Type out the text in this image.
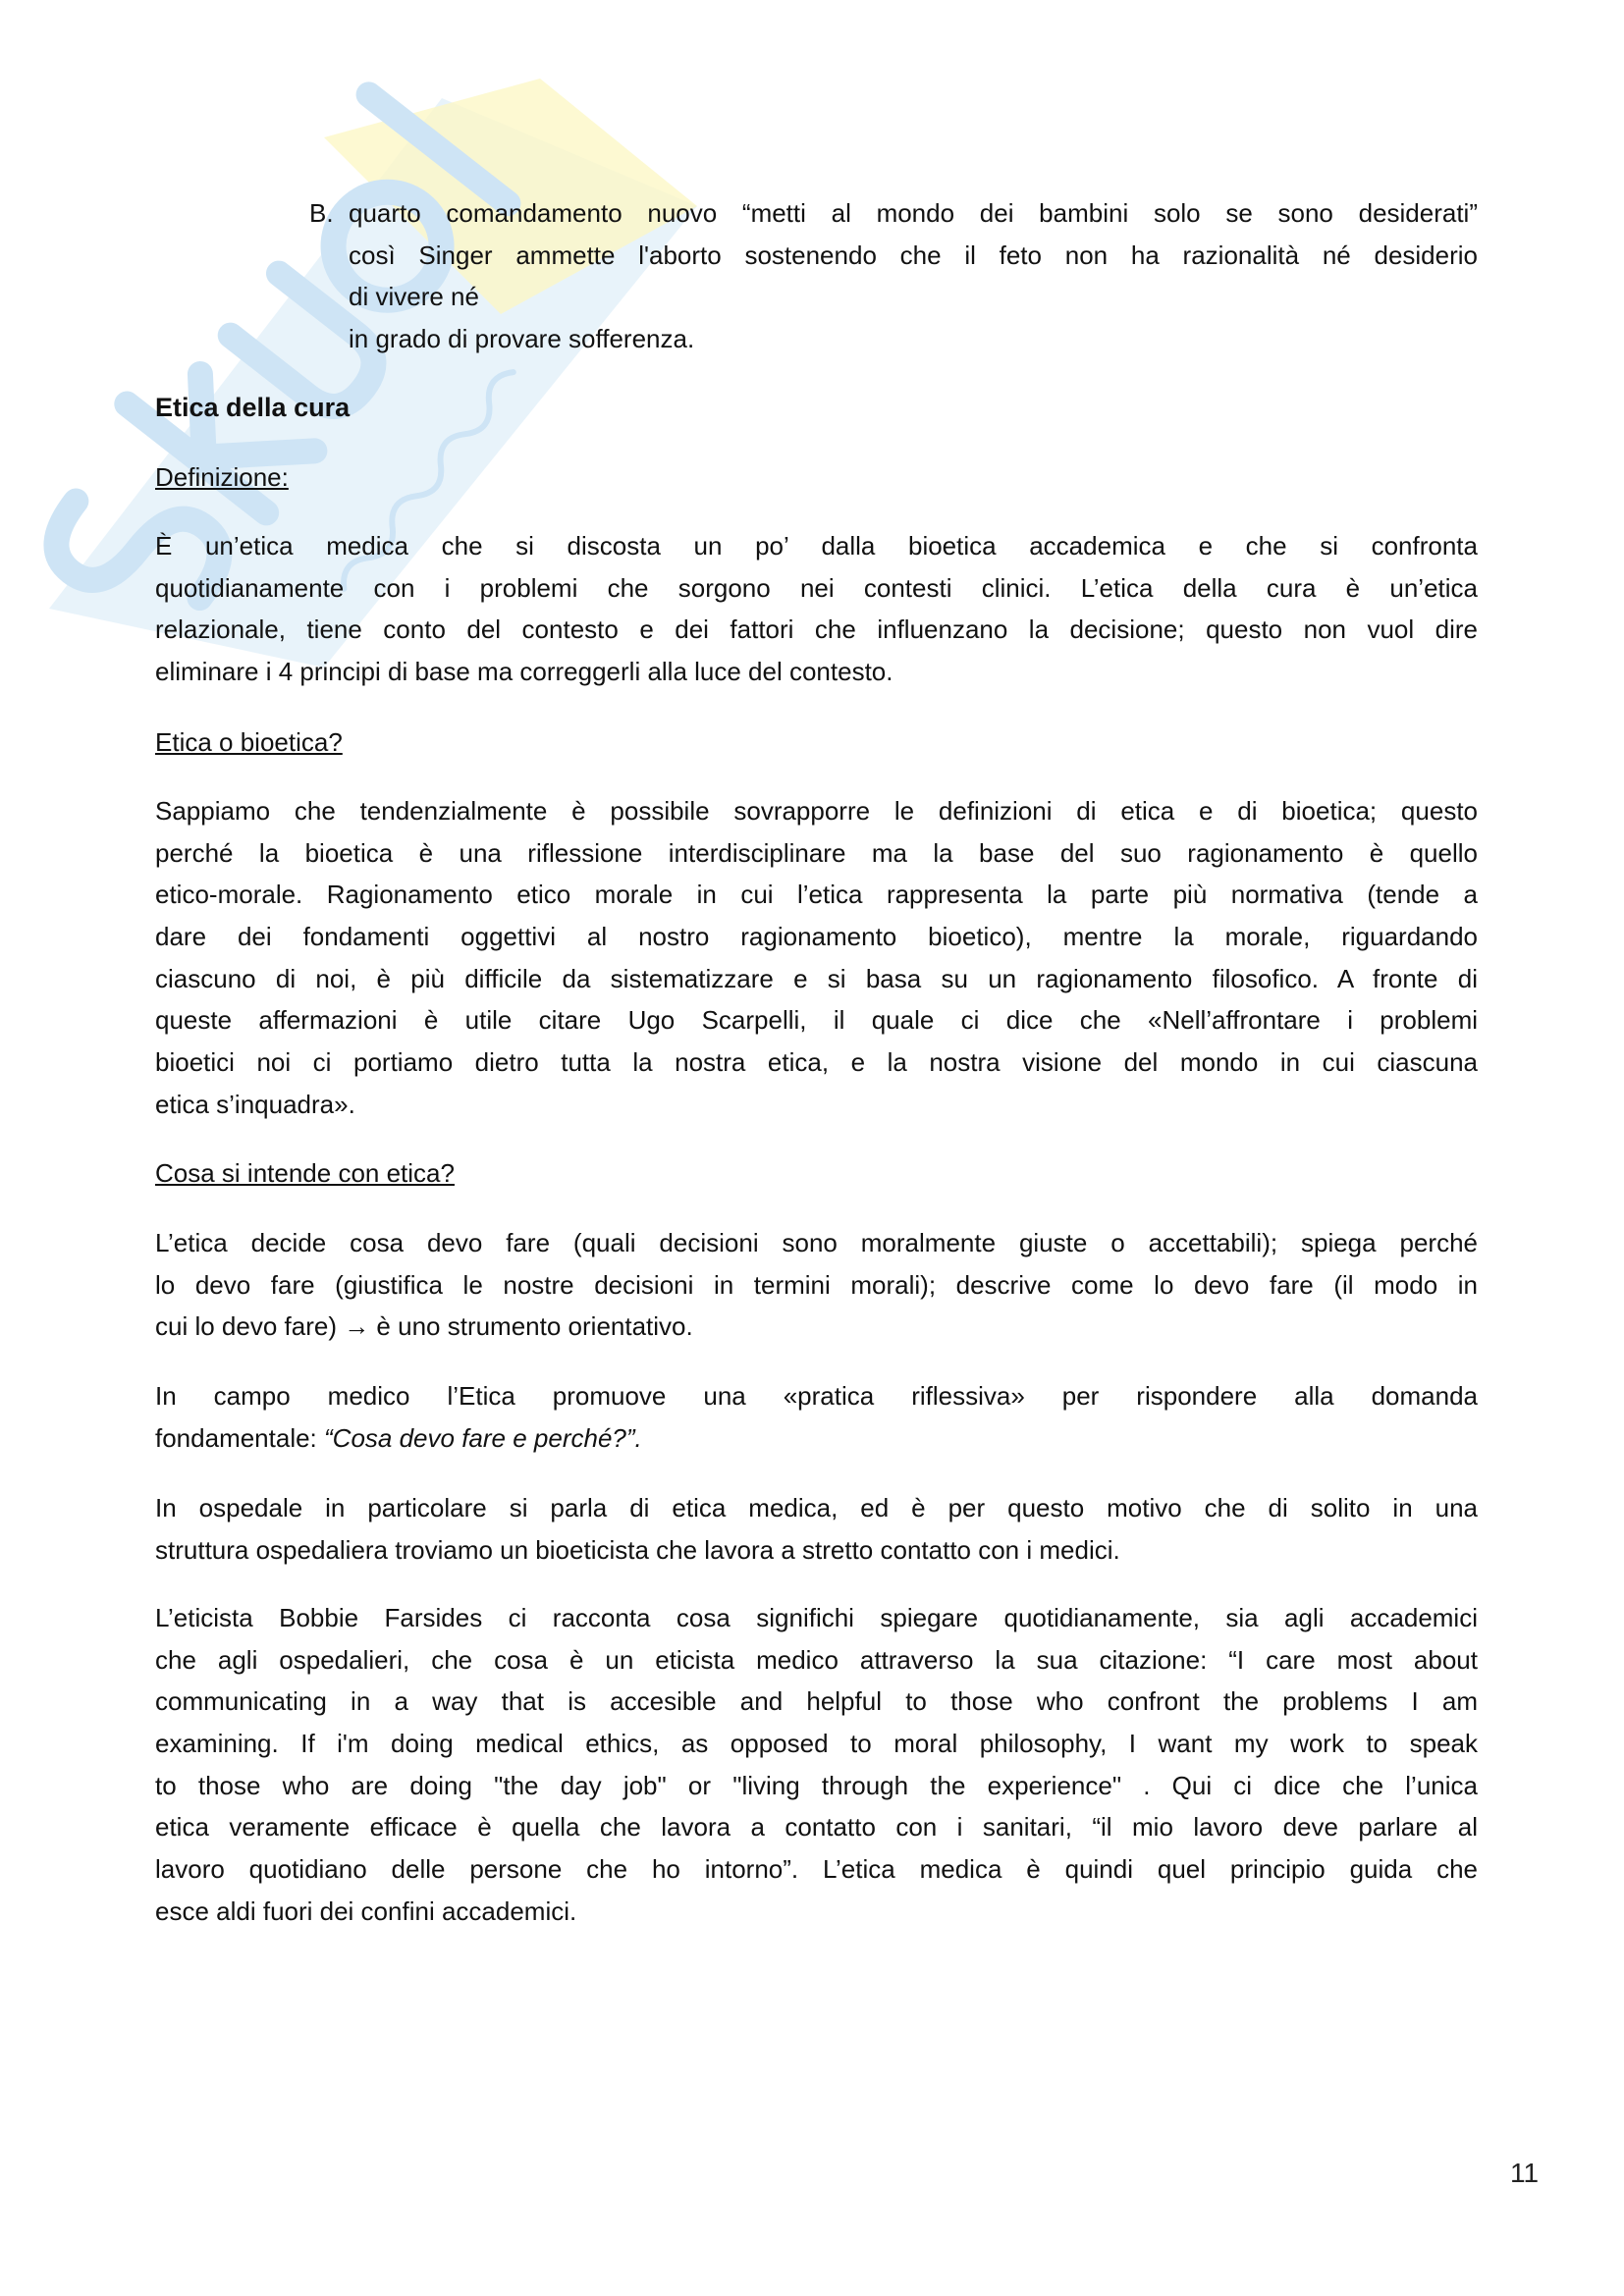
B. quarto comandamento nuovo “metti al mondo dei bambini solo se sono desiderati”
così Singer ammette l'aborto sostenendo che il feto non ha razionalità né desiderio
di vivere né
in grado di provare sofferenza.
Etica della cura
Definizione:
È un’etica medica che si discosta un po’ dalla bioetica accademica e che si confronta
quotidianamente con i problemi che sorgono nei contesti clinici. L’etica della cura è un’etica
relazionale, tiene conto del contesto e dei fattori che influenzano la decisione; questo non vuol dire
eliminare i 4 principi di base ma correggerli alla luce del contesto.
Etica o bioetica?
Sappiamo che tendenzialmente è possibile sovrapporre le definizioni di etica e di bioetica; questo
perché la bioetica è una riflessione interdisciplinare ma la base del suo ragionamento è quello
etico-morale. Ragionamento etico morale in cui l’etica rappresenta la parte più normativa (tende a
dare dei fondamenti oggettivi al nostro ragionamento bioetico), mentre la morale, riguardando
ciascuno di noi, è più difficile da sistematizzare e si basa su un ragionamento filosofico. A fronte di
queste affermazioni è utile citare Ugo Scarpelli, il quale ci dice che «Nell’affrontare i problemi
bioetici noi ci portiamo dietro tutta la nostra etica, e la nostra visione del mondo in cui ciascuna
etica s’inquadra».
Cosa si intende con etica?
L’etica decide cosa devo fare (quali decisioni sono moralmente giuste o accettabili); spiega perché
lo devo fare (giustifica le nostre decisioni in termini morali); descrive come lo devo fare (il modo in
cui lo devo fare) → è uno strumento orientativo.
In campo medico l’Etica promuove una «pratica riflessiva» per rispondere alla domanda
fondamentale: “Cosa devo fare e perché?”.
In ospedale in particolare si parla di etica medica, ed è per questo motivo che di solito in una
struttura ospedaliera troviamo un bioeticista che lavora a stretto contatto con i medici.
L’eticista Bobbie Farsides ci racconta cosa significhi spiegare quotidianamente, sia agli accademici
che agli ospedalieri, che cosa è un eticista medico attraverso la sua citazione: “I care most about
communicating in a way that is accesible and helpful to those who confront the problems I am
examining. If i'm doing medical ethics, as opposed to moral philosophy, I want my work to speak
to those who are doing "the day job" or "living through the experience" . Qui ci dice che l’unica
etica veramente efficace è quella che lavora a contatto con i sanitari, “il mio lavoro deve parlare al
lavoro quotidiano delle persone che ho intorno”. L’etica medica è quindi quel principio guida che
esce aldi fuori dei confini accademici.
11
